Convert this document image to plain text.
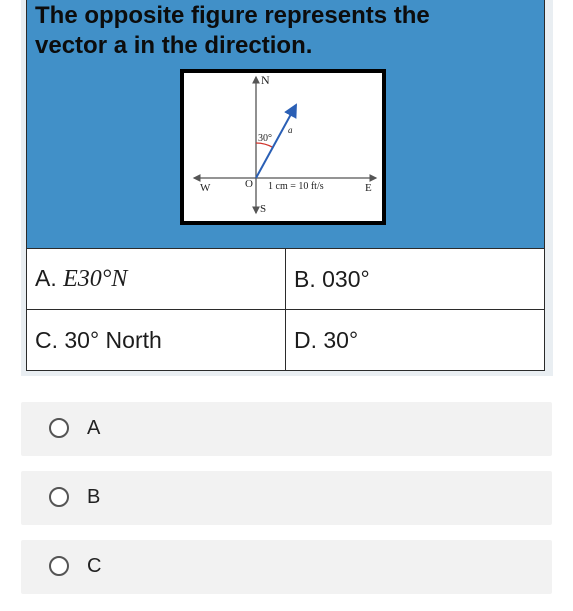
The opposite figure represents the
vector a in the direction.
N
S
W	E
O
30°
a
1 cm = 10 ft/s
A. E30°N	B. 030°
C. 30° North	D. 30°
A
B
C
